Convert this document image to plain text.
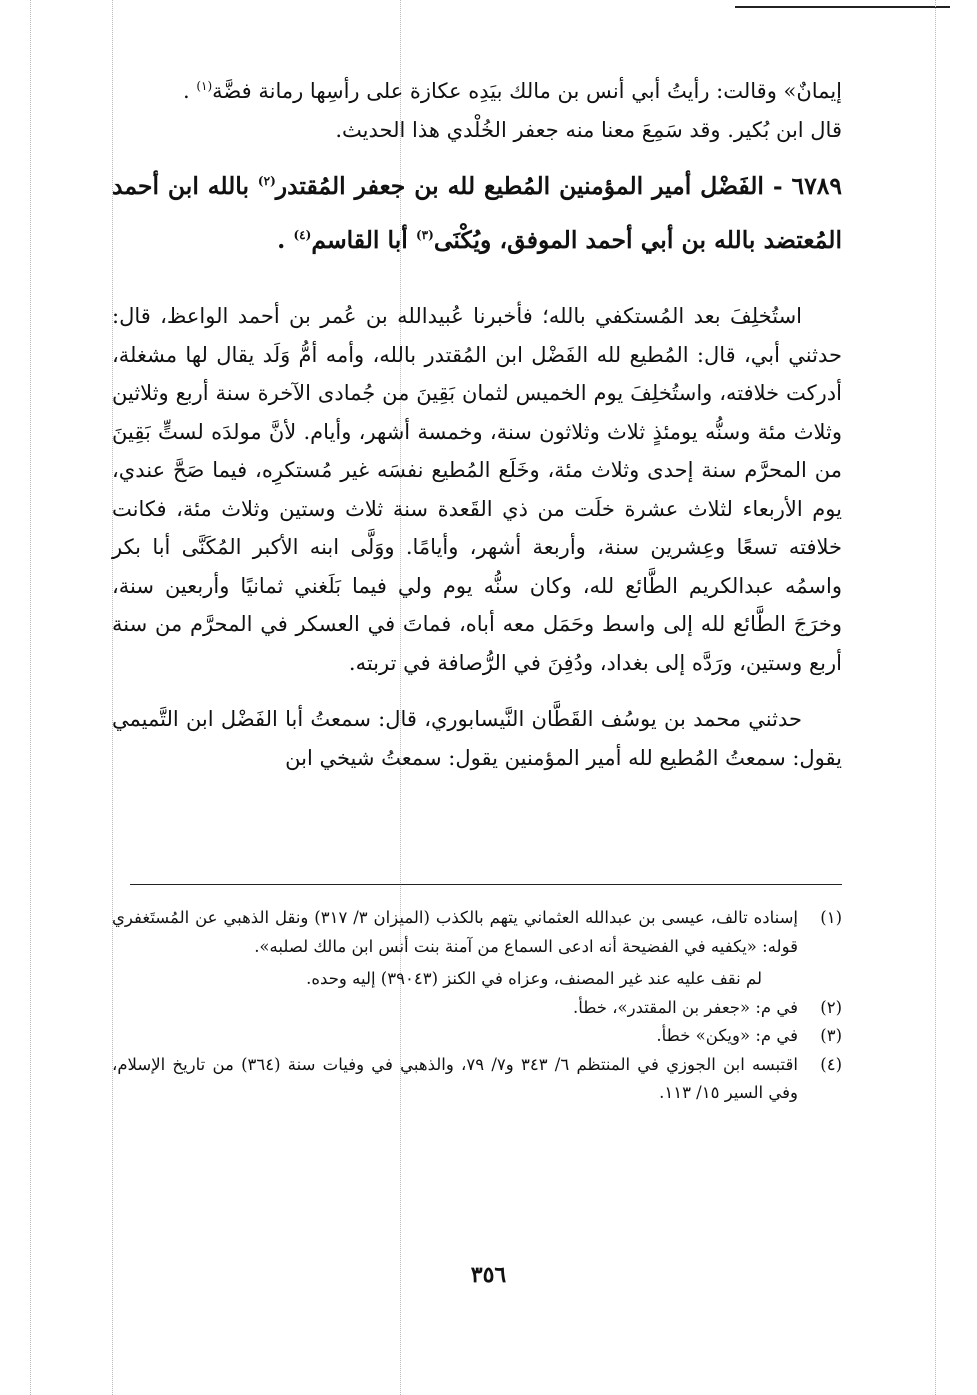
إيمانٌ» وقالت: رأيتُ أبي أنس بن مالك بيَدِه عكازة على رأسِها رمانة فضَّة$^{(١)}$ .

قال ابن بُكير. وقد سَمِعَ معنا منه جعفر الخُلْدي هذا الحديث.

٦٧٨٩ - الفَضْل أمير المؤمنين المُطيع لله بن جعفر المُقتدر$^{(٢)}$ بالله ابن أحمد المُعتضد بالله بن أبي أحمد الموفق، ويُكْنَى$^{(٣)}$ أبا القاسم$^{(٤)}$ .

استُخلِفَ بعد المُستكفي بالله؛ فأخبرنا عُبيدالله بن عُمر بن أحمد الواعظ، قال: حدثني أبي، قال: المُطيع لله الفَضْل ابن المُقتدر بالله، وأمه أمُّ وَلَد يقال لها مشغلة، أدركت خلافته، واستُخلِفَ يوم الخميس لثمان بَقِينَ من جُمادى الآخرة سنة أربع وثلاثين وثلاث مئة وسنُّه يومئذٍ ثلاث وثلاثون سنة، وخمسة أشهر، وأيام. لأنَّ مولدَه لستٍّ بَقِينَ من المحرَّم سنة إحدى وثلاث مئة، وخَلَع المُطيع نفسَه غير مُستكرِه، فيما صَحَّ عندي، يوم الأربعاء لثلاث عشرة خلَت من ذي القَعدة سنة ثلاث وستين وثلاث مئة، فكانت خلافته تسعًا وعِشرين سنة، وأربعة أشهر، وأيامًا. ووَلَّى ابنه الأكبر المُكَنَّى أبا بكر واسمُه عبدالكريم الطَّائع لله، وكان سنُّه يوم ولي فيما بَلَغني ثمانيًا وأربعين سنة، وخرَجَ الطَّائع لله إلى واسط وحَمَل معه أباه، فماتَ في العسكر في المحرَّم من سنة أربع وستين، ورَدَّه إلى بغداد، ودُفِنَ في الرُّصافة في تربته.

حدثني محمد بن يوسُف القَطَّان النَّيسابوري، قال: سمعتُ أبا الفَضْل ابن التَّميمي يقول: سمعتُ المُطيع لله أمير المؤمنين يقول: سمعتُ شيخي ابن

(١)
إسناده تالف، عيسى بن عبدالله العثماني يتهم بالكذب (الميزان ٣/ ٣١٧) ونقل الذهبي عن المُستَغفري قوله: «يكفيه في الفضيحة أنه ادعى السماع من آمنة بنت أنس ابن مالك لصلبه».

لم نقف عليه عند غير المصنف، وعزاه في الكنز (٣٩٠٤٣) إليه وحده.

(٢)
في م: «جعفر بن المقتدر»، خطأ.
(٣)
في م: «ويكن» خطأ.
(٤)
اقتبسه ابن الجوزي في المنتظم ٦/ ٣٤٣ و٧/ ٧٩، والذهبي في وفيات سنة (٣٦٤) من تاريخ الإسلام، وفي السير ١٥/ ١١٣.
٣٥٦
